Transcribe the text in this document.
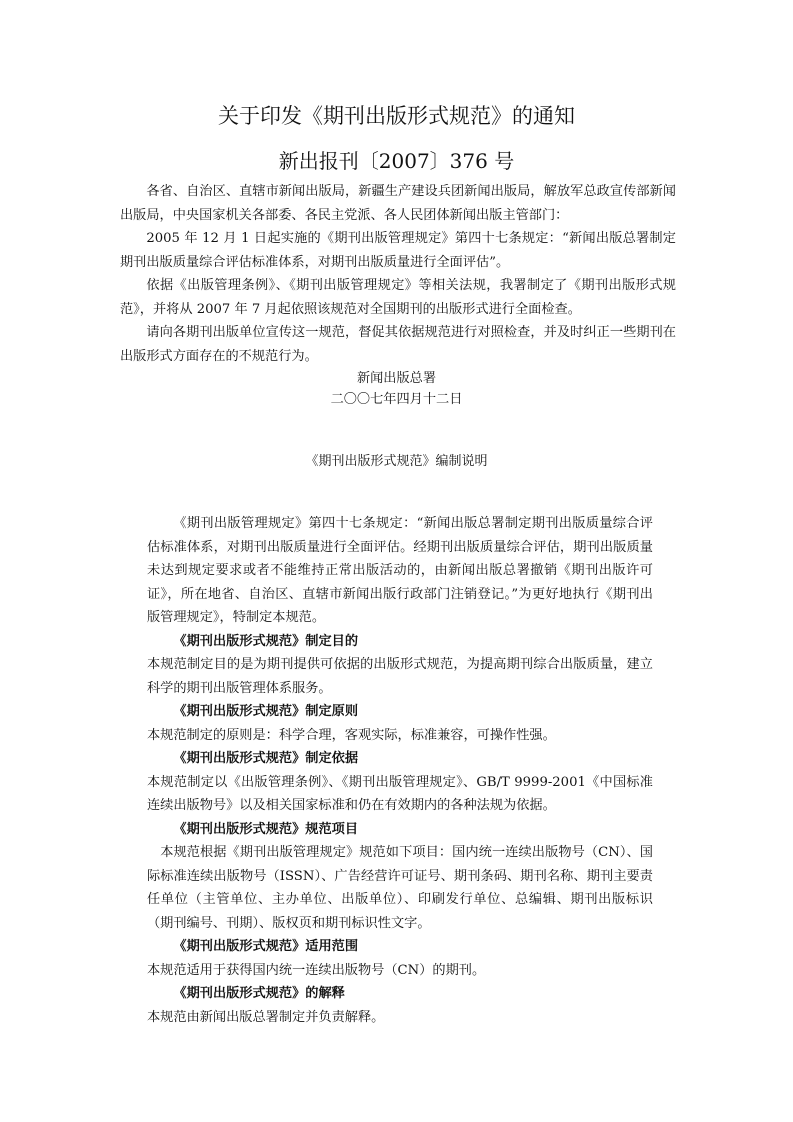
关于印发《期刊出版形式规范》的通知
新出报刊〔2007〕376 号

各省、自治区、直辖市新闻出版局，新疆生产建设兵团新闻出版局，解放军总政宣传部新闻出版局，中央国家机关各部委、各民主党派、各人民团体新闻出版主管部门：

2005 年 12 月 1 日起实施的《期刊出版管理规定》第四十七条规定：“新闻出版总署制定期刊出版质量综合评估标准体系，对期刊出版质量进行全面评估”。

依据《出版管理条例》、《期刊出版管理规定》等相关法规，我署制定了《期刊出版形式规范》，并将从 2007 年 7 月起依照该规范对全国期刊的出版形式进行全面检查。

请向各期刊出版单位宣传这一规范，督促其依据规范进行对照检查，并及时纠正一些期刊在出版形式方面存在的不规范行为。

新闻出版总署
二〇〇七年四月十二日
《期刊出版形式规范》编制说明

《期刊出版管理规定》第四十七条规定：“新闻出版总署制定期刊出版质量综合评估标准体系，对期刊出版质量进行全面评估。经期刊出版质量综合评估，期刊出版质量未达到规定要求或者不能维持正常出版活动的，由新闻出版总署撤销《期刊出版许可证》，所在地省、自治区、直辖市新闻出版行政部门注销登记。”为更好地执行《期刊出版管理规定》，特制定本规范。

《期刊出版形式规范》制定目的

本规范制定目的是为期刊提供可依据的出版形式规范，为提高期刊综合出版质量，建立科学的期刊出版管理体系服务。

《期刊出版形式规范》制定原则

本规范制定的原则是：科学合理，客观实际，标准兼容，可操作性强。

《期刊出版形式规范》制定依据

本规范制定以《出版管理条例》、《期刊出版管理规定》、GB/T 9999-2001《中国标准连续出版物号》以及相关国家标准和仍在有效期内的各种法规为依据。

《期刊出版形式规范》规范项目

本规范根据《期刊出版管理规定》规范如下项目：国内统一连续出版物号（CN）、国际标准连续出版物号（ISSN）、广告经营许可证号、期刊条码、期刊名称、期刊主要责任单位（主管单位、主办单位、出版单位）、印刷发行单位、总编辑、期刊出版标识（期刊编号、刊期）、版权页和期刊标识性文字。

《期刊出版形式规范》适用范围

本规范适用于获得国内统一连续出版物号（CN）的期刊。

《期刊出版形式规范》的解释

本规范由新闻出版总署制定并负责解释。
